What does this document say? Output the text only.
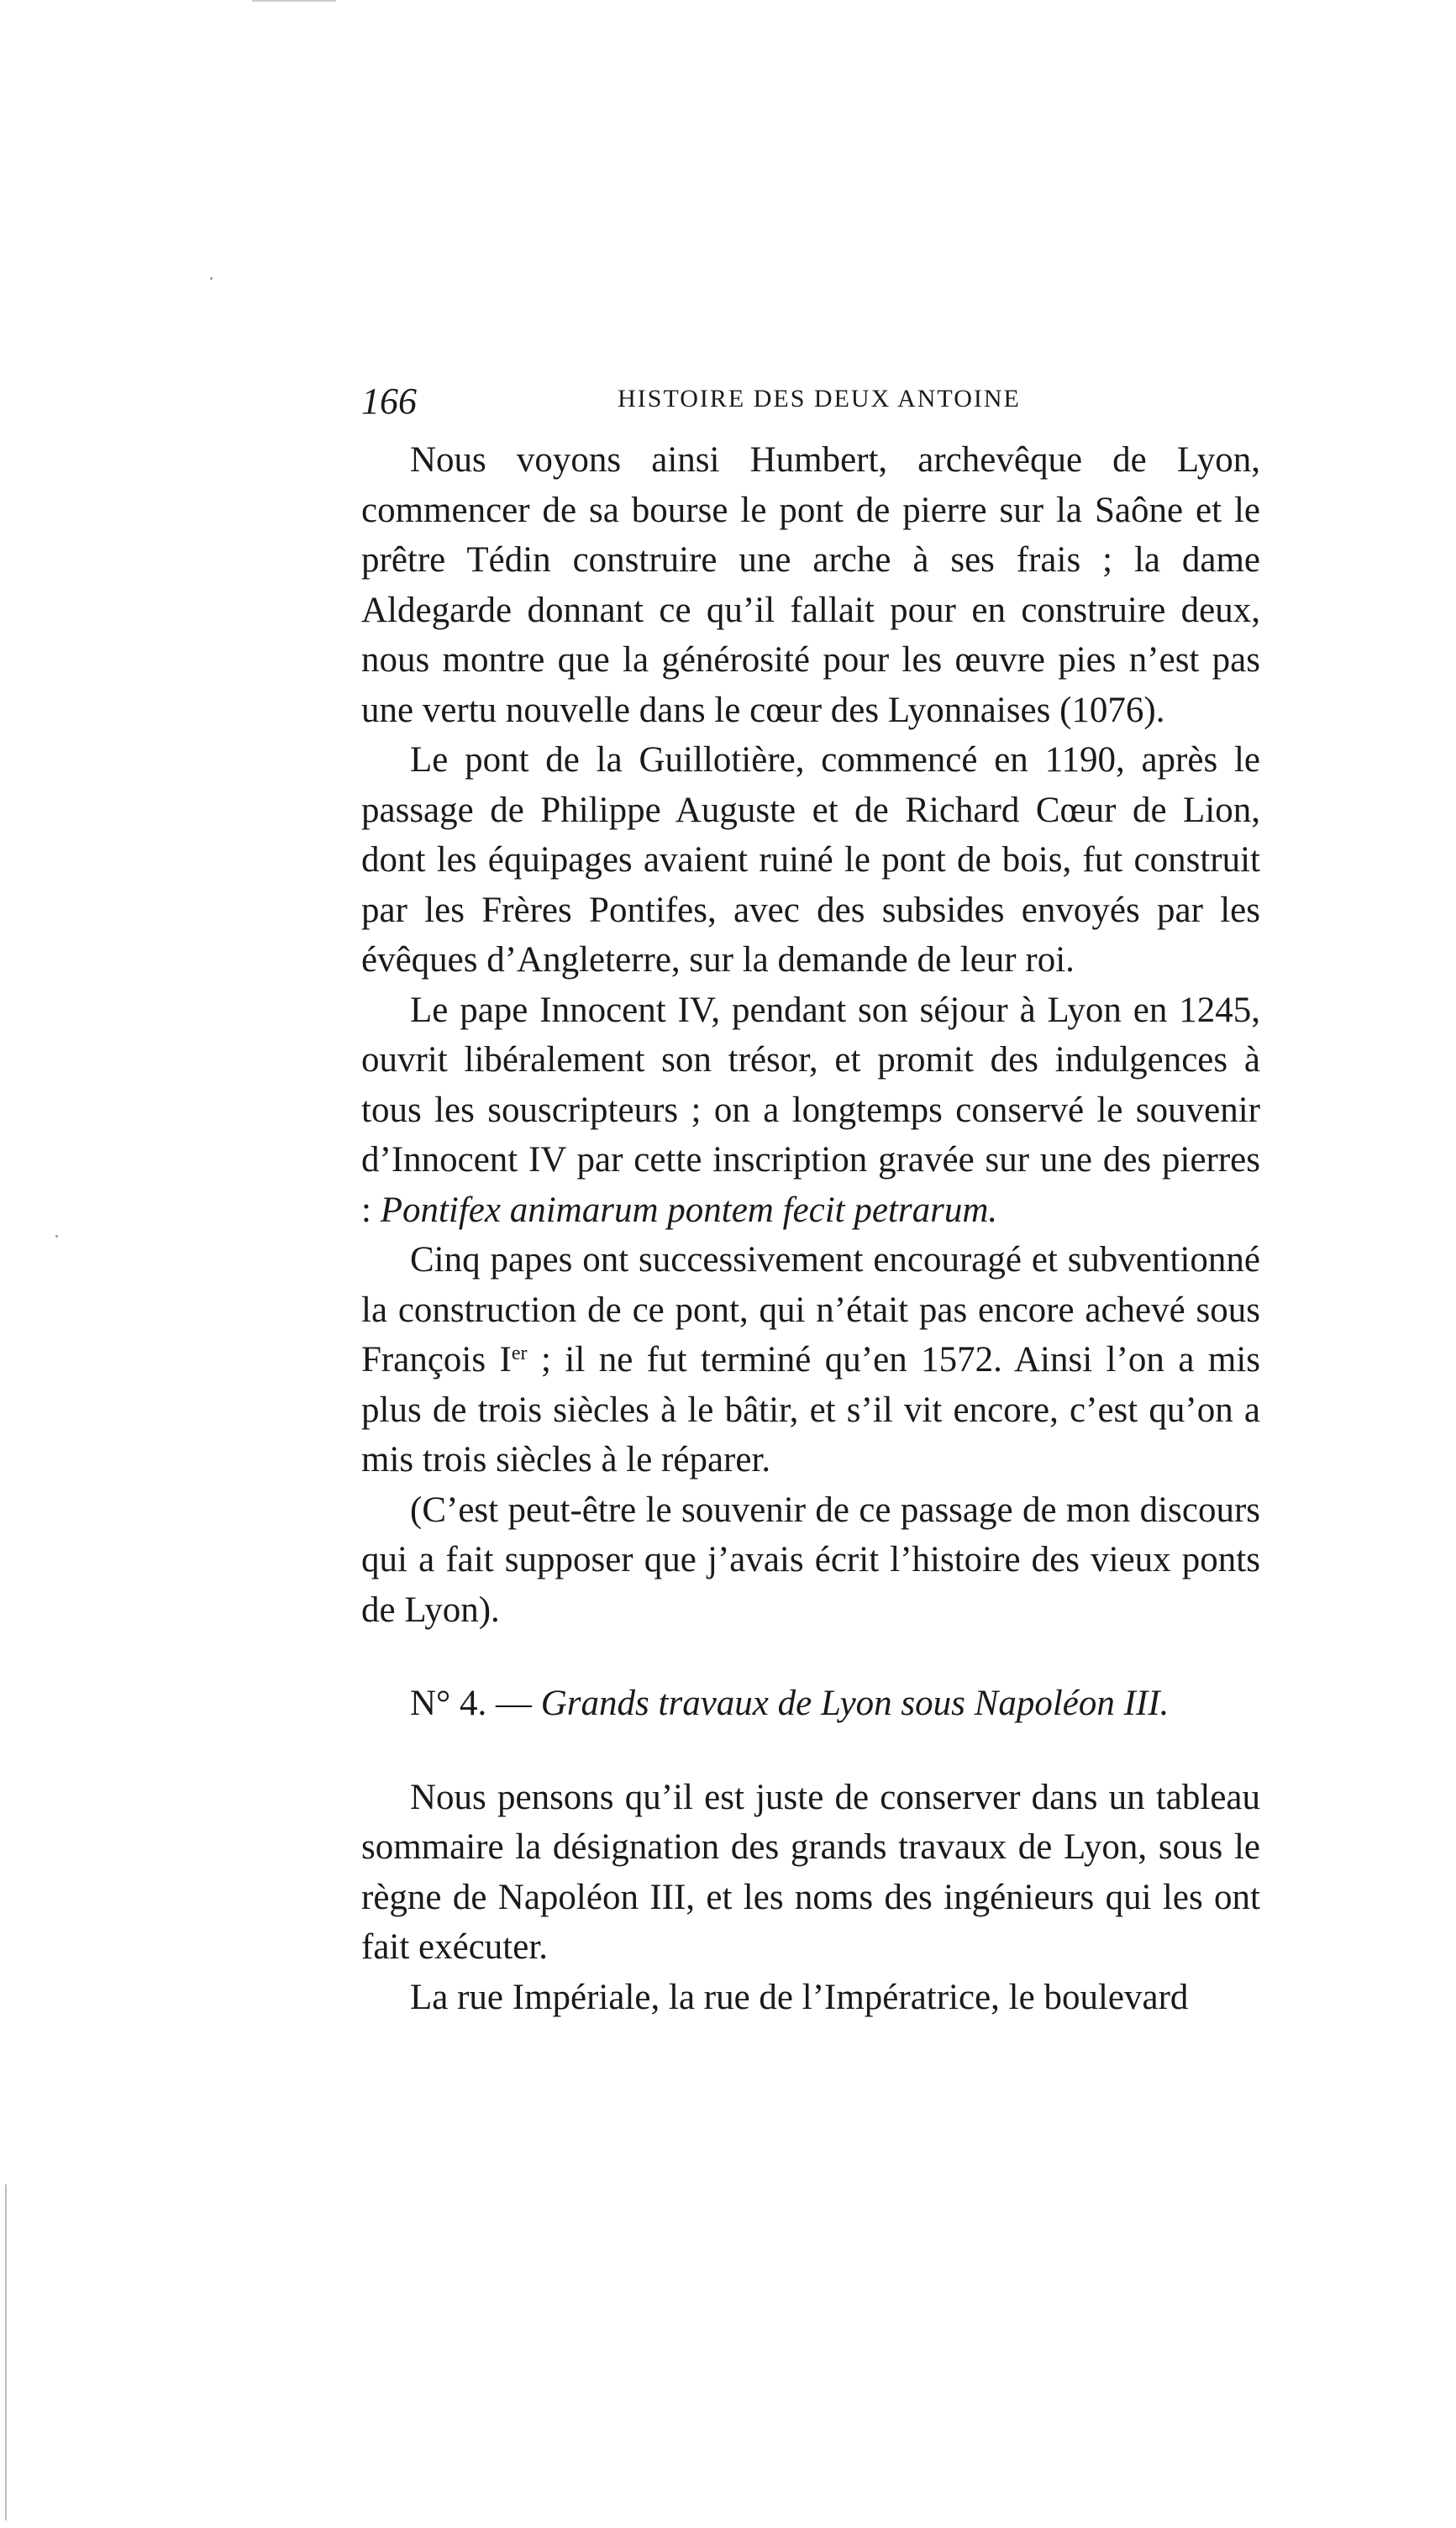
166	HISTOIRE DES DEUX ANTOINE

Nous voyons ainsi Humbert, archevêque de Lyon, commencer de sa bourse le pont de pierre sur la Saône et le prêtre Tédin construire une arche à ses frais ; la dame Aldegarde donnant ce qu’il fallait pour en construire deux, nous montre que la générosité pour les œuvre pies n’est pas une vertu nouvelle dans le cœur des Lyonnaises (1076).

Le pont de la Guillotière, commencé en 1190, après le passage de Philippe Auguste et de Richard Cœur de Lion, dont les équipages avaient ruiné le pont de bois, fut construit par les Frères Pontifes, avec des subsides envoyés par les évêques d’Angleterre, sur la demande de leur roi.

Le pape Innocent IV, pendant son séjour à Lyon en 1245, ouvrit libéralement son trésor, et promit des indulgences à tous les souscripteurs ; on a longtemps conservé le souvenir d’Innocent IV par cette inscription gravée sur une des pierres : Pontifex animarum pontem fecit petrarum.

Cinq papes ont successivement encouragé et subventionné la construction de ce pont, qui n’était pas encore achevé sous François Ier ; il ne fut terminé qu’en 1572. Ainsi l’on a mis plus de trois siècles à le bâtir, et s’il vit encore, c’est qu’on a mis trois siècles à le réparer.

(C’est peut-être le souvenir de ce passage de mon discours qui a fait supposer que j’avais écrit l’histoire des vieux ponts de Lyon).

N° 4. — Grands travaux de Lyon sous Napoléon III.

Nous pensons qu’il est juste de conserver dans un tableau sommaire la désignation des grands travaux de Lyon, sous le règne de Napoléon III, et les noms des ingénieurs qui les ont fait exécuter.

La rue Impériale, la rue de l’Impératrice, le boulevard
